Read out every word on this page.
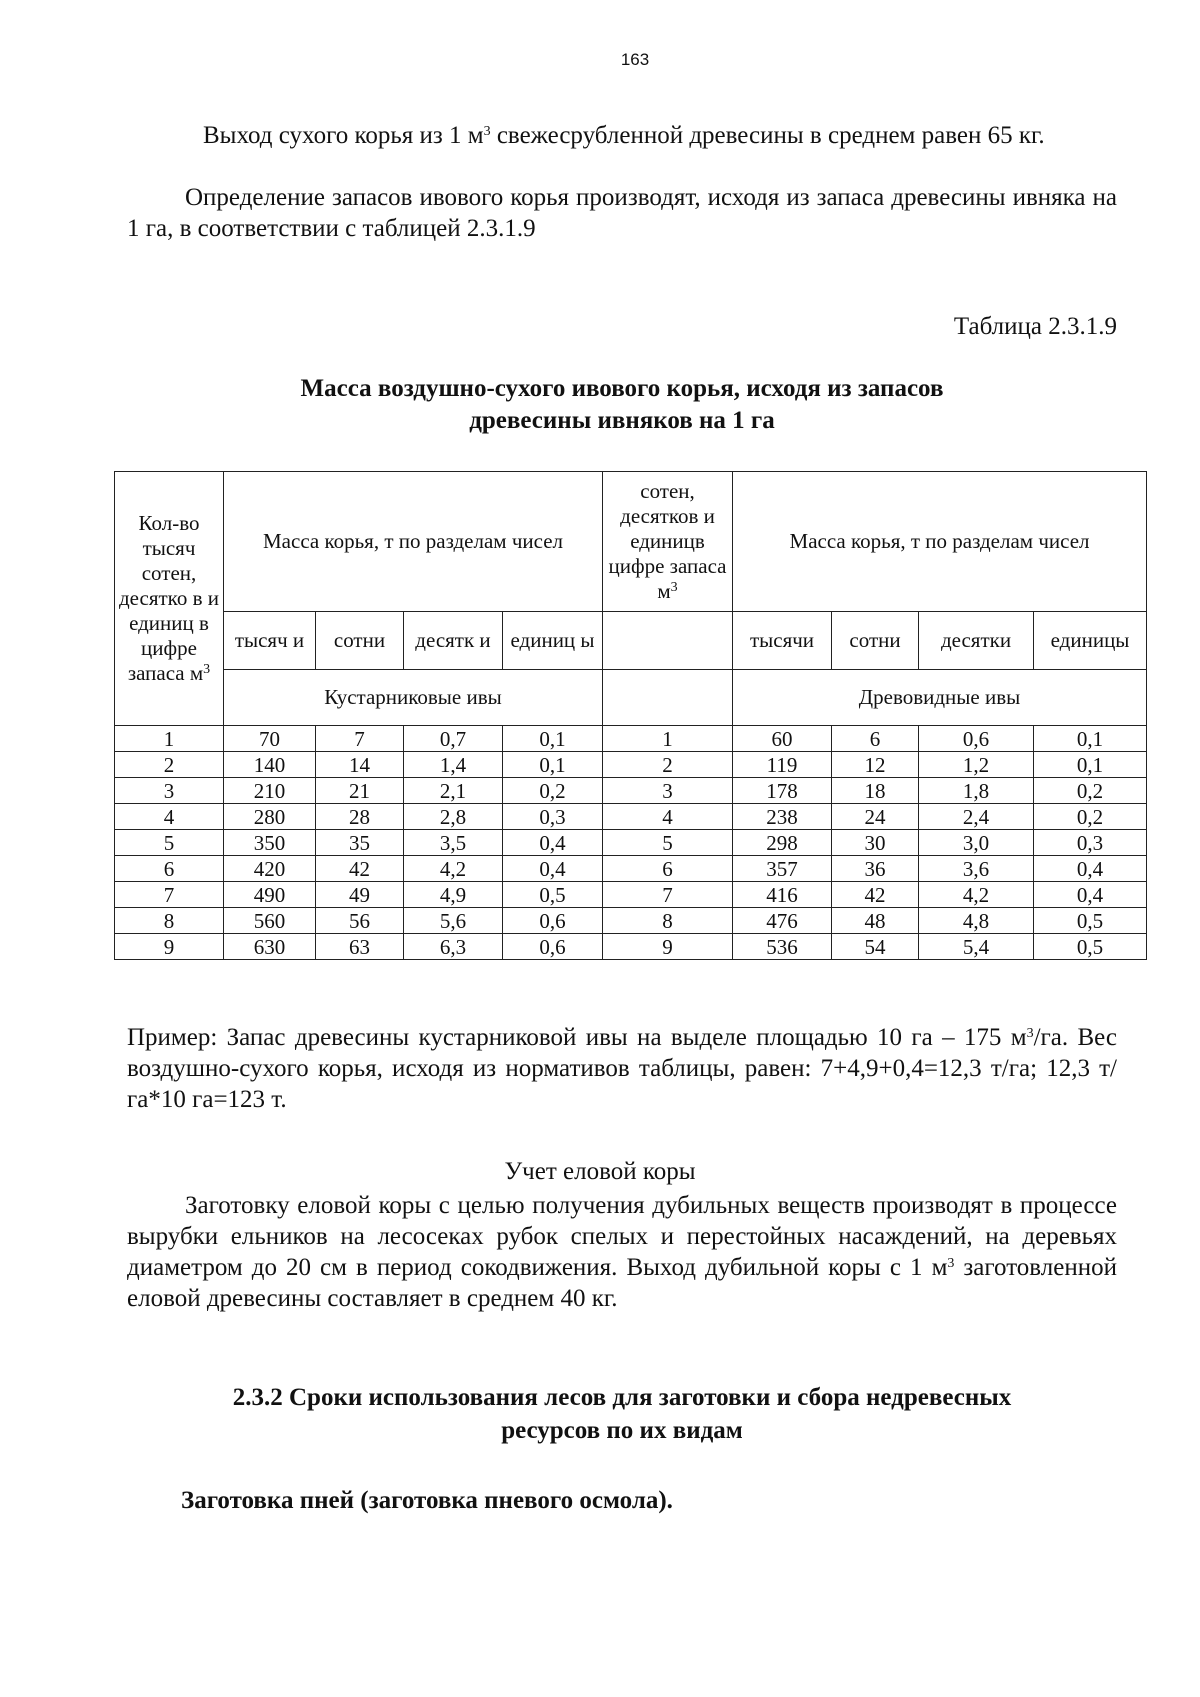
163
Выход сухого корья из 1 $м^3$ свежесрубленной древесины в среднем равен 65 кг.
Определение запасов ивового корья производят, исходя из запаса древесины ивняка на 1 га, в соответствии с таблицей 2.3.1.9
Таблица 2.3.1.9
Масса воздушно-сухого ивового корья, исходя из запасов
древесины ивняков на 1 га
Кол-во тысяч сотен, десятко в и единиц в цифре запаса $м^3$	Масса корья, т по разделам чисел				сотен, десятков и единицв цифре запаса $м^3$	Масса корья, т по разделам чисел			
	тысяч и	сотни	десятк и	единиц ы		тысячи	сотни	десятки	единицы
	Кустарниковые ивы					Древовидные ивы			
1	70	7	0,7	0,1	1	60	6	0,6	0,1
2	140	14	1,4	0,1	2	119	12	1,2	0,1
3	210	21	2,1	0,2	3	178	18	1,8	0,2
4	280	28	2,8	0,3	4	238	24	2,4	0,2
5	350	35	3,5	0,4	5	298	30	3,0	0,3
6	420	42	4,2	0,4	6	357	36	3,6	0,4
7	490	49	4,9	0,5	7	416	42	4,2	0,4
8	560	56	5,6	0,6	8	476	48	4,8	0,5
9	630	63	6,3	0,6	9	536	54	5,4	0,5
Пример: Запас древесины кустарниковой ивы на выделе площадью 10 га – 175 $м^3/га$. Вес воздушно-сухого корья, исходя из нормативов таблицы, равен: 7+4,9+0,4=12,3 т/га; 12,3 т/га*10 га=123 т.
Учет еловой коры
Заготовку еловой коры с целью получения дубильных веществ производят в процессе вырубки ельников на лесосеках рубок спелых и перестойных насаждений, на деревьях диаметром до 20 см в период сокодвижения. Выход дубильной коры с 1 $м^3$ заготовленной еловой древесины составляет в среднем 40 кг.
2.3.2 Сроки использования лесов для заготовки и сбора недревесных
ресурсов по их видам
Заготовка пней (заготовка пневого осмола).
